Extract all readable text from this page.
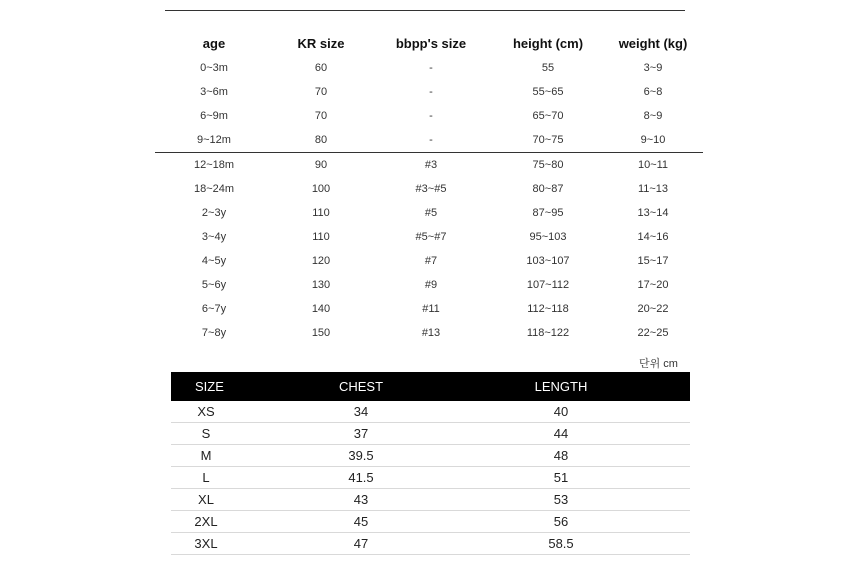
age	KR size	bbpp's size	height (cm)	weight (kg)
0~3m	60	-	55	3~9
3~6m	70	-	55~65	6~8
6~9m	70	-	65~70	8~9
9~12m	80	-	70~75	9~10
12~18m	90	#3	75~80	10~11
18~24m	100	#3~#5	80~87	11~13
2~3y	110	#5	87~95	13~14
3~4y	110	#5~#7	95~103	14~16
4~5y	120	#7	103~107	15~17
5~6y	130	#9	107~112	17~20
6~7y	140	#11	112~118	20~22
7~8y	150	#13	118~122	22~25
단위 cm
SIZE	CHEST	LENGTH
XS	34	40
S	37	44
M	39.5	48
L	41.5	51
XL	43	53
2XL	45	56
3XL	47	58.5
